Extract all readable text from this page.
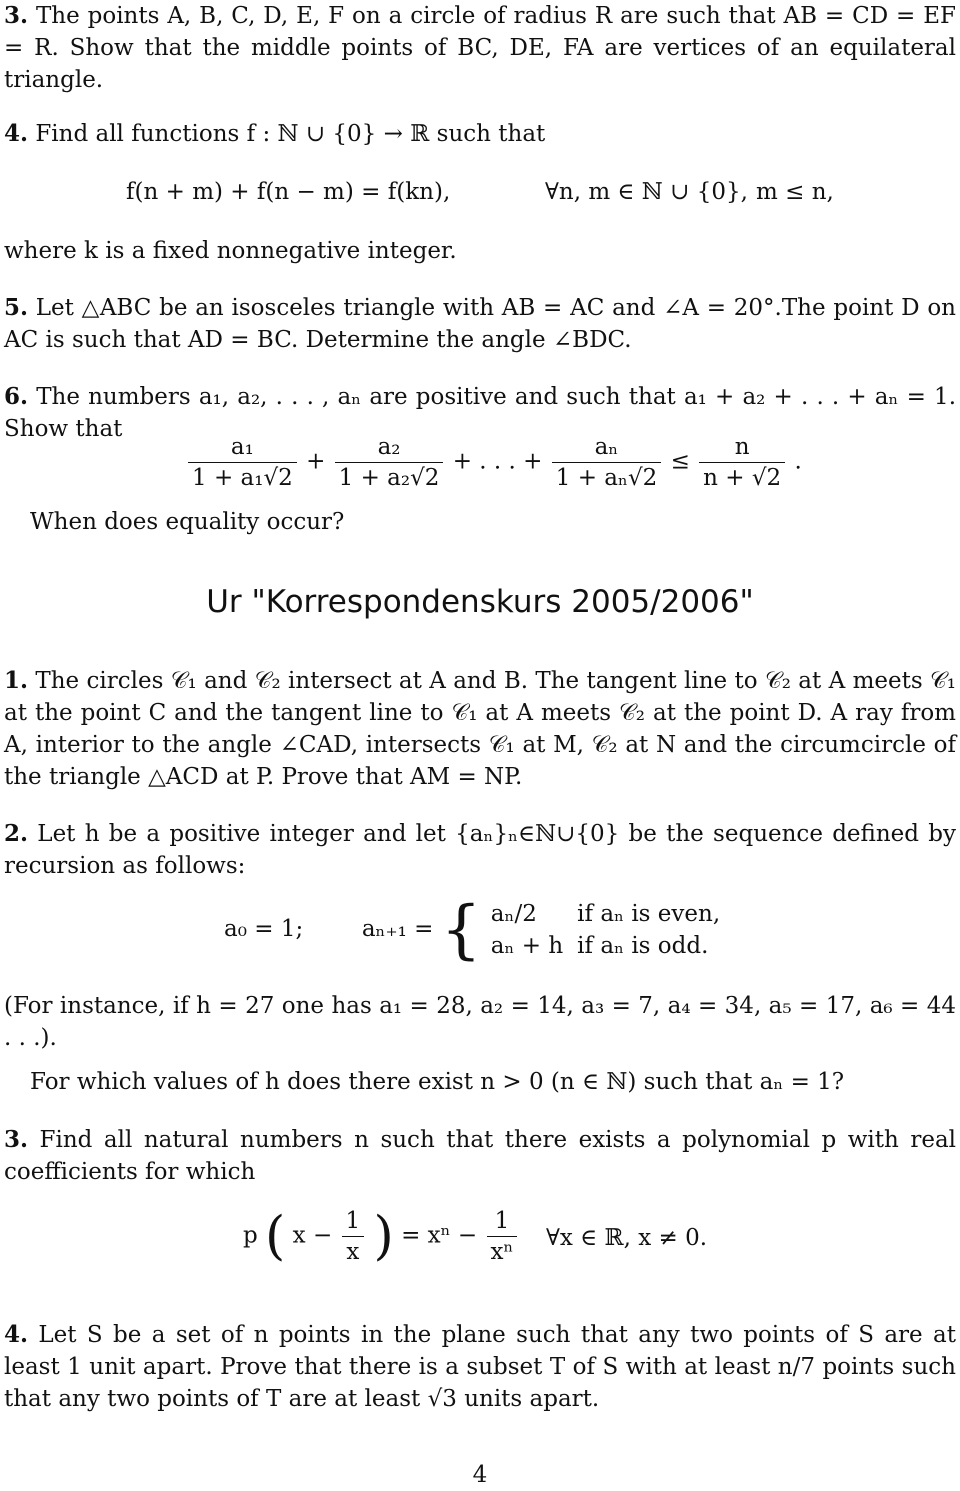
3. The points A, B, C, D, E, F on a circle of radius R are such that AB = CD = EF = R. Show that the middle points of BC, DE, FA are vertices of an equilateral triangle.

4. Find all functions f : ℕ ∪ {0} → ℝ such that

f(n + m) + f(n − m) = f(kn),	∀n, m ∈ ℕ ∪ {0}, m ≤ n,

where k is a fixed nonnegative integer.

5. Let △ABC be an isosceles triangle with AB = AC and ∠A = 20°.The point D on AC is such that AD = BC. Determine the angle ∠BDC.

6. The numbers a₁, a₂, . . . , aₙ are positive and such that a₁ + a₂ + . . . + aₙ = 1. Show that

$\frac{\text{a₁}}{\text{1 + a₁√2}} + \frac{\text{a₂}}{\text{1 + a₂√2}}$ + . . . + $\frac{\text{aₙ}}{\text{1 + aₙ√2}} \le \frac{n}{n + √2}$ .

When does equality occur?

Ur "Korrespondenskurs 2005/2006"

1. The circles 𝒞₁ and 𝒞₂ intersect at A and B. The tangent line to 𝒞₂ at A meets 𝒞₁ at the point C and the tangent line to 𝒞₁ at A meets 𝒞₂ at the point D. A ray from A, interior to the angle ∠CAD, intersects 𝒞₁ at M, 𝒞₂ at N and the circumcircle of the triangle △ACD at P. Prove that AM = NP.

2. Let h be a positive integer and let {aₙ}ₙ∈ℕ∪{0} be the sequence defined by recursion as follows:

a₀ = 1;	aₙ₊₁ = { aₙ/2	if aₙ is even,
aₙ + h	if aₙ is odd.

(For instance, if h = 27 one has a₁ = 28, a₂ = 14, a₃ = 7, a₄ = 34, a₅ = 17, a₆ = 44 . . .).

For which values of h does there exist n > 0 (n ∈ ℕ) such that aₙ = 1?

3. Find all natural numbers n such that there exists a polynomial p with real coefficients for which

p ( $x - \frac{1}{x}$ ) = $x^n - \frac{1}{\text{xⁿ}}$ ∀x ∈ ℝ, x ≠ 0.

4. Let S be a set of n points in the plane such that any two points of S are at least 1 unit apart. Prove that there is a subset T of S with at least n/7 points such that any two points of T are at least √3 units apart.

4
